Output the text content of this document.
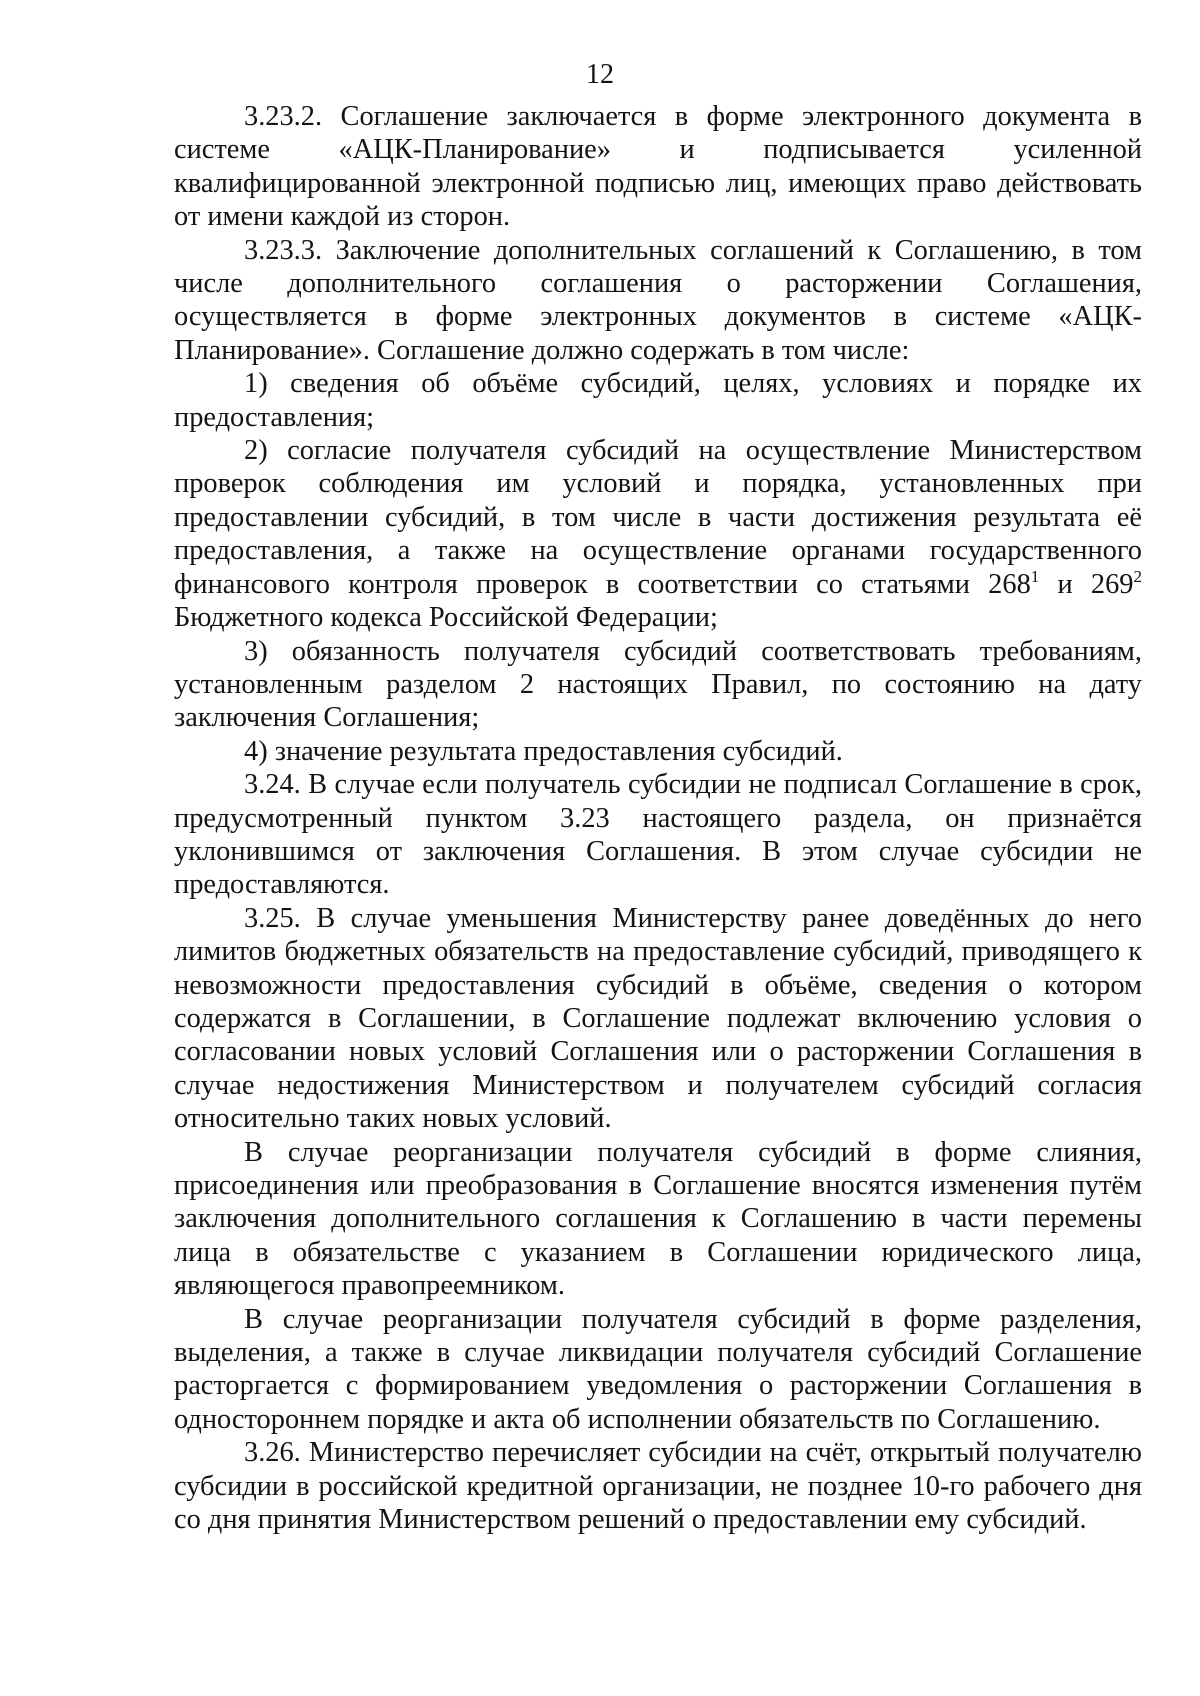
12

3.23.2. Соглашение заключается в форме электронного документа в системе «АЦК-Планирование» и подписывается усиленной квалифицированной электронной подписью лиц, имеющих право действовать от имени каждой из сторон.

3.23.3. Заключение дополнительных соглашений к Соглашению, в том числе дополнительного соглашения о расторжении Соглашения, осуществляется в форме электронных документов в системе «АЦК-Планирование». Соглашение должно содержать в том числе:

1) сведения об объёме субсидий, целях, условиях и порядке их предоставления;

2) согласие получателя субсидий на осуществление Министерством проверок соблюдения им условий и порядка, установленных при предоставлении субсидий, в том числе в части достижения результата её предоставления, а также на осуществление органами государственного финансового контроля проверок в соответствии со статьями $268^1$ и $269^2$ Бюджетного кодекса Российской Федерации;

3) обязанность получателя субсидий соответствовать требованиям, установленным разделом 2 настоящих Правил, по состоянию на дату заключения Соглашения;

4) значение результата предоставления субсидий.

3.24. В случае если получатель субсидии не подписал Соглашение в срок, предусмотренный пунктом 3.23 настоящего раздела, он признаётся уклонившимся от заключения Соглашения. В этом случае субсидии не предоставляются.

3.25. В случае уменьшения Министерству ранее доведённых до него лимитов бюджетных обязательств на предоставление субсидий, приводящего к невозможности предоставления субсидий в объёме, сведения о котором содержатся в Соглашении, в Соглашение подлежат включению условия о согласовании новых условий Соглашения или о расторжении Соглашения в случае недостижения Министерством и получателем субсидий согласия относительно таких новых условий.

В случае реорганизации получателя субсидий в форме слияния, присоединения или преобразования в Соглашение вносятся изменения путём заключения дополнительного соглашения к Соглашению в части перемены лица в обязательстве с указанием в Соглашении юридического лица, являющегося правопреемником.

В случае реорганизации получателя субсидий в форме разделения, выделения, а также в случае ликвидации получателя субсидий Соглашение расторгается с формированием уведомления о расторжении Соглашения в одностороннем порядке и акта об исполнении обязательств по Соглашению.

3.26. Министерство перечисляет субсидии на счёт, открытый получателю субсидии в российской кредитной организации, не позднее 10-го рабочего дня со дня принятия Министерством решений о предоставлении ему субсидий.
